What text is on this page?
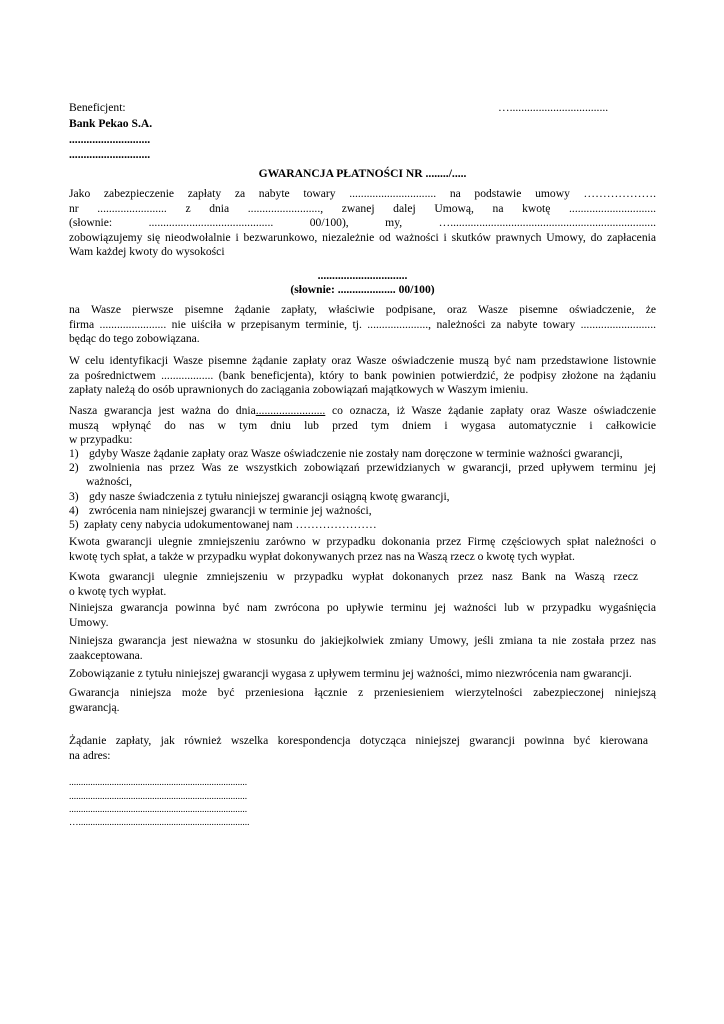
Beneficjent:	…..................................
Bank Pekao S.A.
............................
............................
GWARANCJA PŁATNOŚCI NR ......../.....
Jako zabezpieczenie zapłaty za nabyte towary .............................. na podstawie umowy ……………….
nr ........................ z dnia ........................., zwanej dalej Umową, na kwotę ..............................
(słownie: ........................................... 00/100), my, ….......................................................................
zobowiązujemy się nieodwołalnie i bezwarunkowo, niezależnie od ważności i skutków prawnych Umowy, do zapłacenia
Wam każdej kwoty do wysokości
...............................
(słownie: .................... 00/100)
na Wasze pierwsze pisemne żądanie zapłaty, właściwie podpisane, oraz Wasze pisemne oświadczenie, że
firma ....................... nie uiściła w przepisanym terminie, tj. ....................., należności za nabyte towary ..........................
będąc do tego zobowiązana.
W celu identyfikacji Wasze pisemne żądanie zapłaty oraz Wasze oświadczenie muszą być nam przedstawione listownie
za pośrednictwem .................. (bank beneficjenta), który to bank powinien potwierdzić, że podpisy złożone na żądaniu
zapłaty należą do osób uprawnionych do zaciągania zobowiązań majątkowych w Waszym imieniu.
Nasza gwarancja jest ważna do dnia........................ co oznacza, iż Wasze żądanie zapłaty oraz Wasze oświadczenie
muszą wpłynąć do nas w tym dniu lub przed tym dniem i wygasa automatycznie i całkowicie
w przypadku:
1) gdyby Wasze żądanie zapłaty oraz Wasze oświadczenie nie zostały nam doręczone w terminie ważności gwarancji,
2) zwolnienia nas przez Was ze wszystkich zobowiązań przewidzianych w gwarancji, przed upływem terminu jej
ważności,
3) gdy nasze świadczenia z tytułu niniejszej gwarancji osiągną kwotę gwarancji,
4) zwrócenia nam niniejszej gwarancji w terminie jej ważności,
5) zapłaty ceny nabycia udokumentowanej nam …………………
Kwota gwarancji ulegnie zmniejszeniu zarówno w przypadku dokonania przez Firmę częściowych spłat należności o
kwotę tych spłat, a także w przypadku wypłat dokonywanych przez nas na Waszą rzecz o kwotę tych wypłat.
Kwota gwarancji ulegnie zmniejszeniu w przypadku wypłat dokonanych przez nasz Bank na Waszą rzecz
o kwotę tych wypłat.
Niniejsza gwarancja powinna być nam zwrócona po upływie terminu jej ważności lub w przypadku wygaśnięcia
Umowy.
Niniejsza gwarancja jest nieważna w stosunku do jakiejkolwiek zmiany Umowy, jeśli zmiana ta nie została przez nas
zaakceptowana.
Zobowiązanie z tytułu niniejszej gwarancji wygasa z upływem terminu jej ważności, mimo niezwrócenia nam gwarancji.
Gwarancja niniejsza może być przeniesiona łącznie z przeniesieniem wierzytelności zabezpieczonej niniejszą
gwarancją.
Żądanie zapłaty, jak również wszelka korespondencja dotycząca niniejszej gwarancji powinna być kierowana
na adres:
...........................................................................
...........................................................................
...........................................................................
…........................................................................
